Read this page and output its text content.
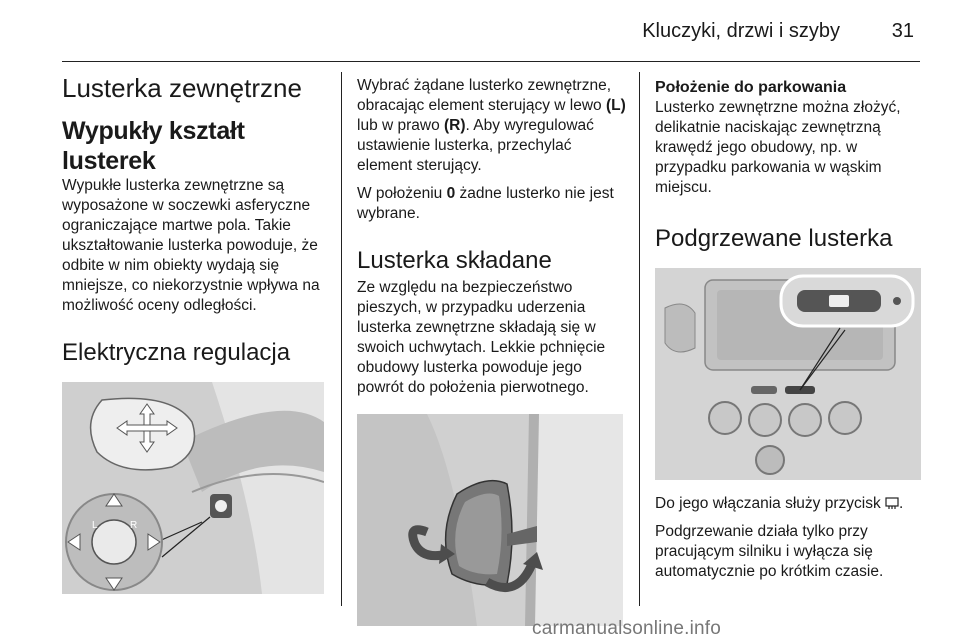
Kluczyki, drzwi i szyby	31
Lusterka zewnętrzne
Wypukły kształt lusterek

Wypukłe lusterka zewnętrzne są wyposażone w soczewki asferyczne ograniczające martwe pola. Takie ukształtowanie lusterka powoduje, że odbite w nim obiekty wydają się mniejsze, co niekorzystnie wpływa na możliwość oceny odległości.

Elektryczna regulacja
L	R

Wybrać żądane lusterko zewnętrzne, obracając element sterujący w lewo (L) lub w prawo (R). Aby wyregulować ustawienie lusterka, przechylać element sterujący.

W położeniu 0 żadne lusterko nie jest wybrane.

Lusterka składane

Ze względu na bezpieczeństwo pieszych, w przypadku uderzenia lusterka zewnętrzne składają się w swoich uchwytach. Lekkie pchnięcie obudowy lusterka powoduje jego powrót do położenia pierwotnego.

Położenie do parkowania

Lusterko zewnętrzne można złożyć, delikatnie naciskając zewnętrzną krawędź jego obudowy, np. w przypadku parkowania w wąskim miejscu.

Podgrzewane lusterka

Do jego włączania służy przycisk .

Podgrzewanie działa tylko przy pracującym silniku i wyłącza się automatycznie po krótkim czasie.

carmanualsonline.info
